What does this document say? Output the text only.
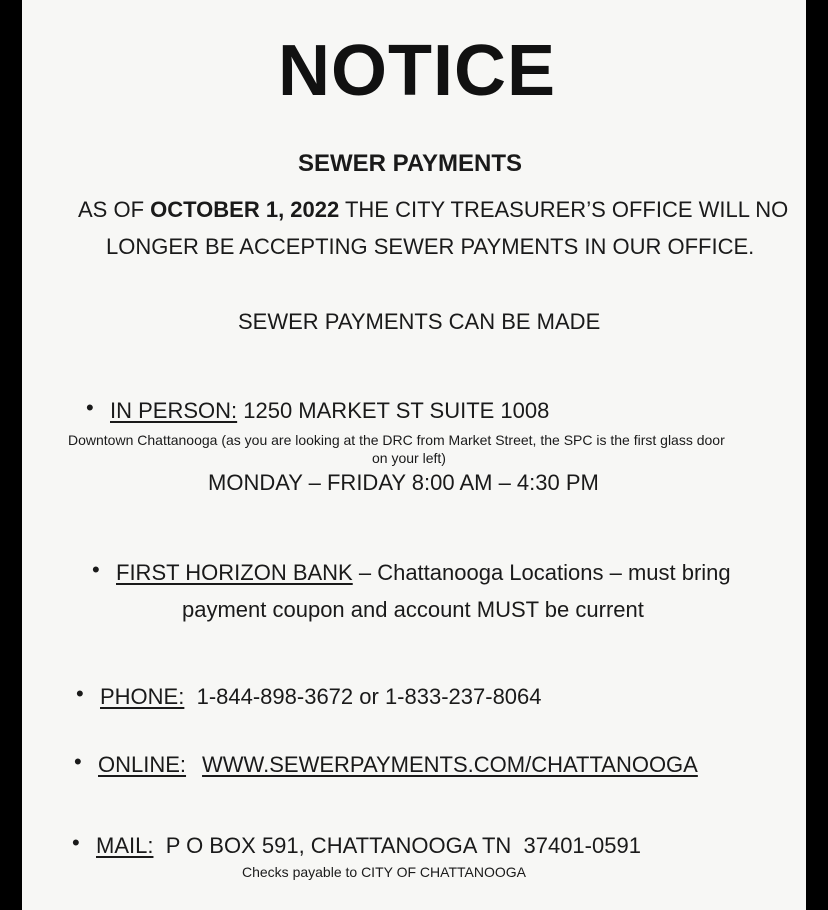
NOTICE
SEWER PAYMENTS
AS OF OCTOBER 1, 2022 THE CITY TREASURER’S OFFICE WILL NO
LONGER BE ACCEPTING SEWER PAYMENTS IN OUR OFFICE.
SEWER PAYMENTS CAN BE MADE
• IN PERSON: 1250 MARKET ST SUITE 1008
Downtown Chattanooga (as you are looking at the DRC from Market Street, the SPC is the first glass door
on your left)
MONDAY – FRIDAY 8:00 AM – 4:30 PM
• FIRST HORIZON BANK – Chattanooga Locations – must bring
payment coupon and account MUST be current
• PHONE:  1-844-898-3672 or 1-833-237-8064
• ONLINE: WWW.SEWERPAYMENTS.COM/CHATTANOOGA
• MAIL:  P O BOX 591, CHATTANOOGA TN  37401-0591
Checks payable to CITY OF CHATTANOOGA
